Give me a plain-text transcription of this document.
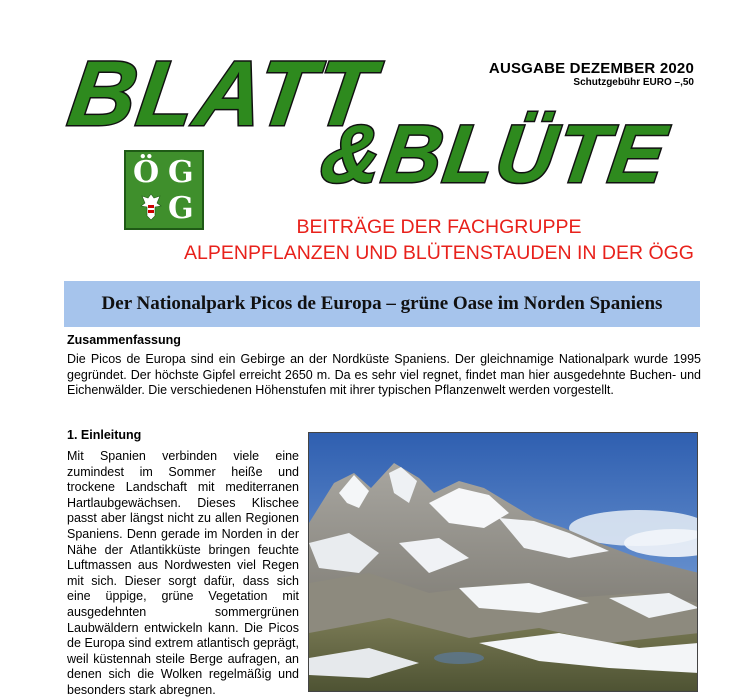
BLATT
&BLÜTE
AUSGABE DEZEMBER 2020
Schutzgebühr EURO –,50
Ö G
G
BEITRÄGE DER FACHGRUPPE
ALPENPFLANZEN UND BLÜTENSTAUDEN IN DER ÖGG
Der Nationalpark Picos de Europa – grüne Oase im Norden Spaniens
Zusammenfassung
Die Picos de Europa sind ein Gebirge an der Nordküste Spaniens. Der gleichnamige Nationalpark wurde 1995 gegründet. Der höchste Gipfel erreicht 2650 m. Da es sehr viel regnet, findet man hier ausgedehnte Buchen- und Eichenwälder. Die verschiedenen Höhenstufen mit ihrer typischen Pflanzenwelt werden vorgestellt.
1. Einleitung
Mit Spanien verbinden viele eine zumindest im Sommer heiße und trockene Landschaft mit mediterranen Hartlaubgewächsen. Dieses Klischee passt aber längst nicht zu allen Regionen Spaniens. Denn gerade im Norden in der Nähe der Atlantikküste bringen feuchte Luftmassen aus Nordwesten viel Regen mit sich. Dieser sorgt dafür, dass sich eine üppige, grüne Vegetation mit ausgedehnten sommergrünen Laubwäldern entwickeln kann. Die Picos de Europa sind extrem atlantisch geprägt, weil küstennah steile Berge aufragen, an denen sich die Wolken regelmäßig und besonders stark abregnen.
